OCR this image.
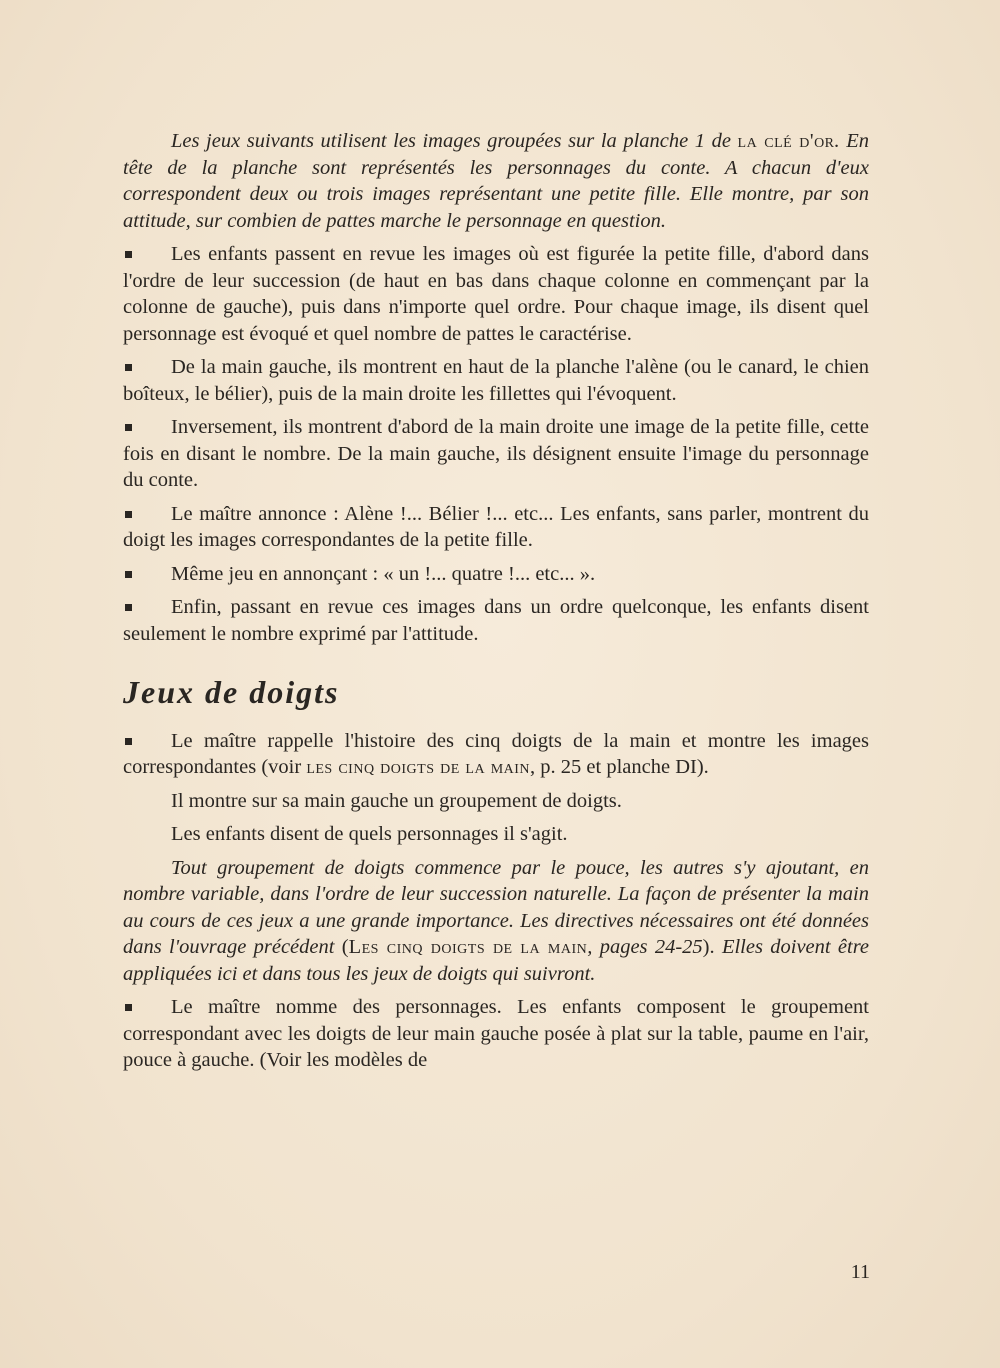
Les jeux suivants utilisent les images groupées sur la planche 1 de la clé d'or. En tête de la planche sont représentés les personnages du conte. A chacun d'eux correspondent deux ou trois images représentant une petite fille. Elle montre, par son attitude, sur combien de pattes marche le personnage en question.

Les enfants passent en revue les images où est figurée la petite fille, d'abord dans l'ordre de leur succession (de haut en bas dans chaque colonne en commençant par la colonne de gauche), puis dans n'importe quel ordre. Pour chaque image, ils disent quel personnage est évoqué et quel nombre de pattes le caractérise.

De la main gauche, ils montrent en haut de la planche l'alène (ou le canard, le chien boîteux, le bélier), puis de la main droite les fillettes qui l'évoquent.

Inversement, ils montrent d'abord de la main droite une image de la petite fille, cette fois en disant le nombre. De la main gauche, ils désignent ensuite l'image du personnage du conte.

Le maître annonce : Alène !... Bélier !... etc... Les enfants, sans parler, montrent du doigt les images correspondantes de la petite fille.

Même jeu en annonçant : « un !... quatre !... etc... ».

Enfin, passant en revue ces images dans un ordre quelconque, les enfants disent seulement le nombre exprimé par l'attitude.

Jeux de doigts

Le maître rappelle l'histoire des cinq doigts de la main et montre les images correspondantes (voir les cinq doigts de la main, p. 25 et planche DI).

Il montre sur sa main gauche un groupement de doigts.

Les enfants disent de quels personnages il s'agit.

Tout groupement de doigts commence par le pouce, les autres s'y ajoutant, en nombre variable, dans l'ordre de leur succession naturelle. La façon de présenter la main au cours de ces jeux a une grande importance. Les directives nécessaires ont été données dans l'ouvrage précédent (Les cinq doigts de la main, pages 24-25). Elles doivent être appliquées ici et dans tous les jeux de doigts qui suivront.

Le maître nomme des personnages. Les enfants composent le groupement correspondant avec les doigts de leur main gauche posée à plat sur la table, paume en l'air, pouce à gauche. (Voir les modèles de

11
